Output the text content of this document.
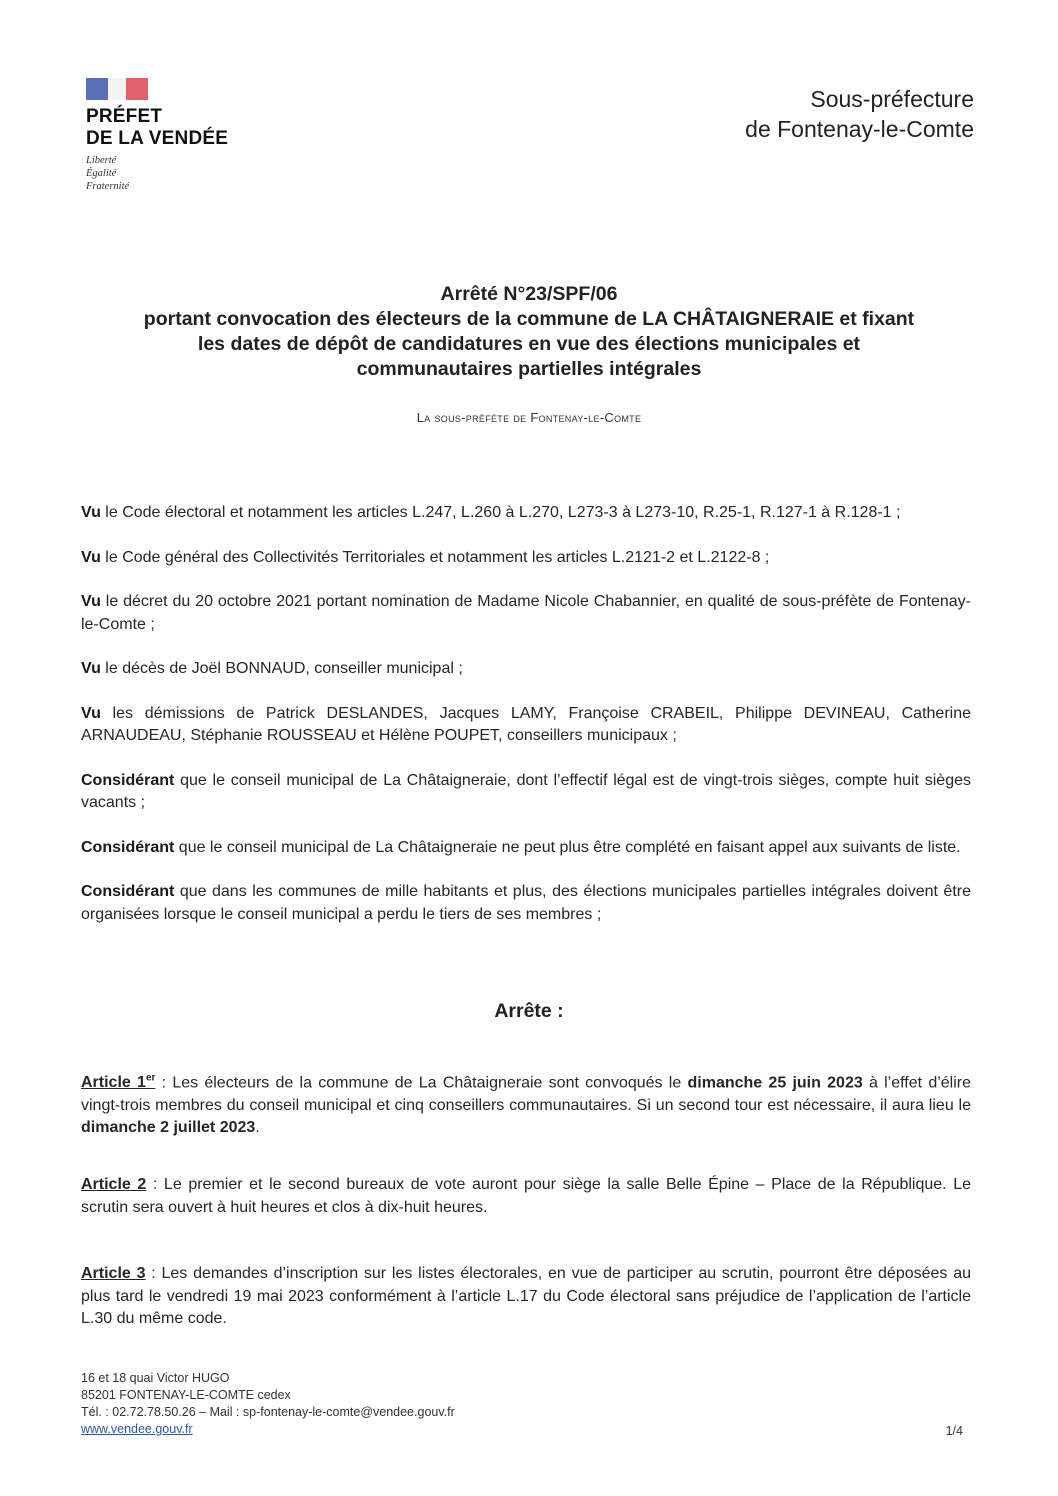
PRÉFET
DE LA VENDÉE
Liberté
Égalité
Fraternité
Sous-préfecture
de Fontenay-le-Comte
Arrêté N°23/SPF/06
portant convocation des électeurs de la commune de LA CHÂTAIGNERAIE et fixant
les dates de dépôt de candidatures en vue des élections municipales et
communautaires partielles intégrales
La sous-préfète de Fontenay-le-Comte

Vu le Code électoral et notamment les articles L.247, L.260 à L.270, L273-3 à L273-10, R.25-1, R.127-1 à R.128-1 ;

Vu le Code général des Collectivités Territoriales et notamment les articles L.2121-2 et L.2122-8 ;

Vu le décret du 20 octobre 2021 portant nomination de Madame Nicole Chabannier, en qualité de sous-préfète de Fontenay-le-Comte ;

Vu le décès de Joël BONNAUD, conseiller municipal ;

Vu les démissions de Patrick DESLANDES, Jacques LAMY, Françoise CRABEIL, Philippe DEVINEAU, Catherine ARNAUDEAU, Stéphanie ROUSSEAU et Hélène POUPET, conseillers municipaux ;

Considérant que le conseil municipal de La Châtaigneraie, dont l’effectif légal est de vingt-trois sièges, compte huit sièges vacants ;

Considérant que le conseil municipal de La Châtaigneraie ne peut plus être complété en faisant appel aux suivants de liste.

Considérant que dans les communes de mille habitants et plus, des élections municipales partielles intégrales doivent être organisées lorsque le conseil municipal a perdu le tiers de ses membres ;

Arrête :

Article 1er : Les électeurs de la commune de La Châtaigneraie sont convoqués le dimanche 25 juin 2023 à l’effet d’élire vingt-trois membres du conseil municipal et cinq conseillers communautaires. Si un second tour est nécessaire, il aura lieu le dimanche 2 juillet 2023.

Article 2 : Le premier et le second bureaux de vote auront pour siège la salle Belle Épine – Place de la République. Le scrutin sera ouvert à huit heures et clos à dix-huit heures.

Article 3 : Les demandes d’inscription sur les listes électorales, en vue de participer au scrutin, pourront être déposées au plus tard le vendredi 19 mai 2023 conformément à l’article L.17 du Code électoral sans préjudice de l’application de l’article L.30 du même code.

16 et 18 quai Victor HUGO
85201 FONTENAY-LE-COMTE cedex
Tél. : 02.72.78.50.26 – Mail : sp-fontenay-le-comte@vendee.gouv.fr
www.vendee.gouv.fr	1/4
